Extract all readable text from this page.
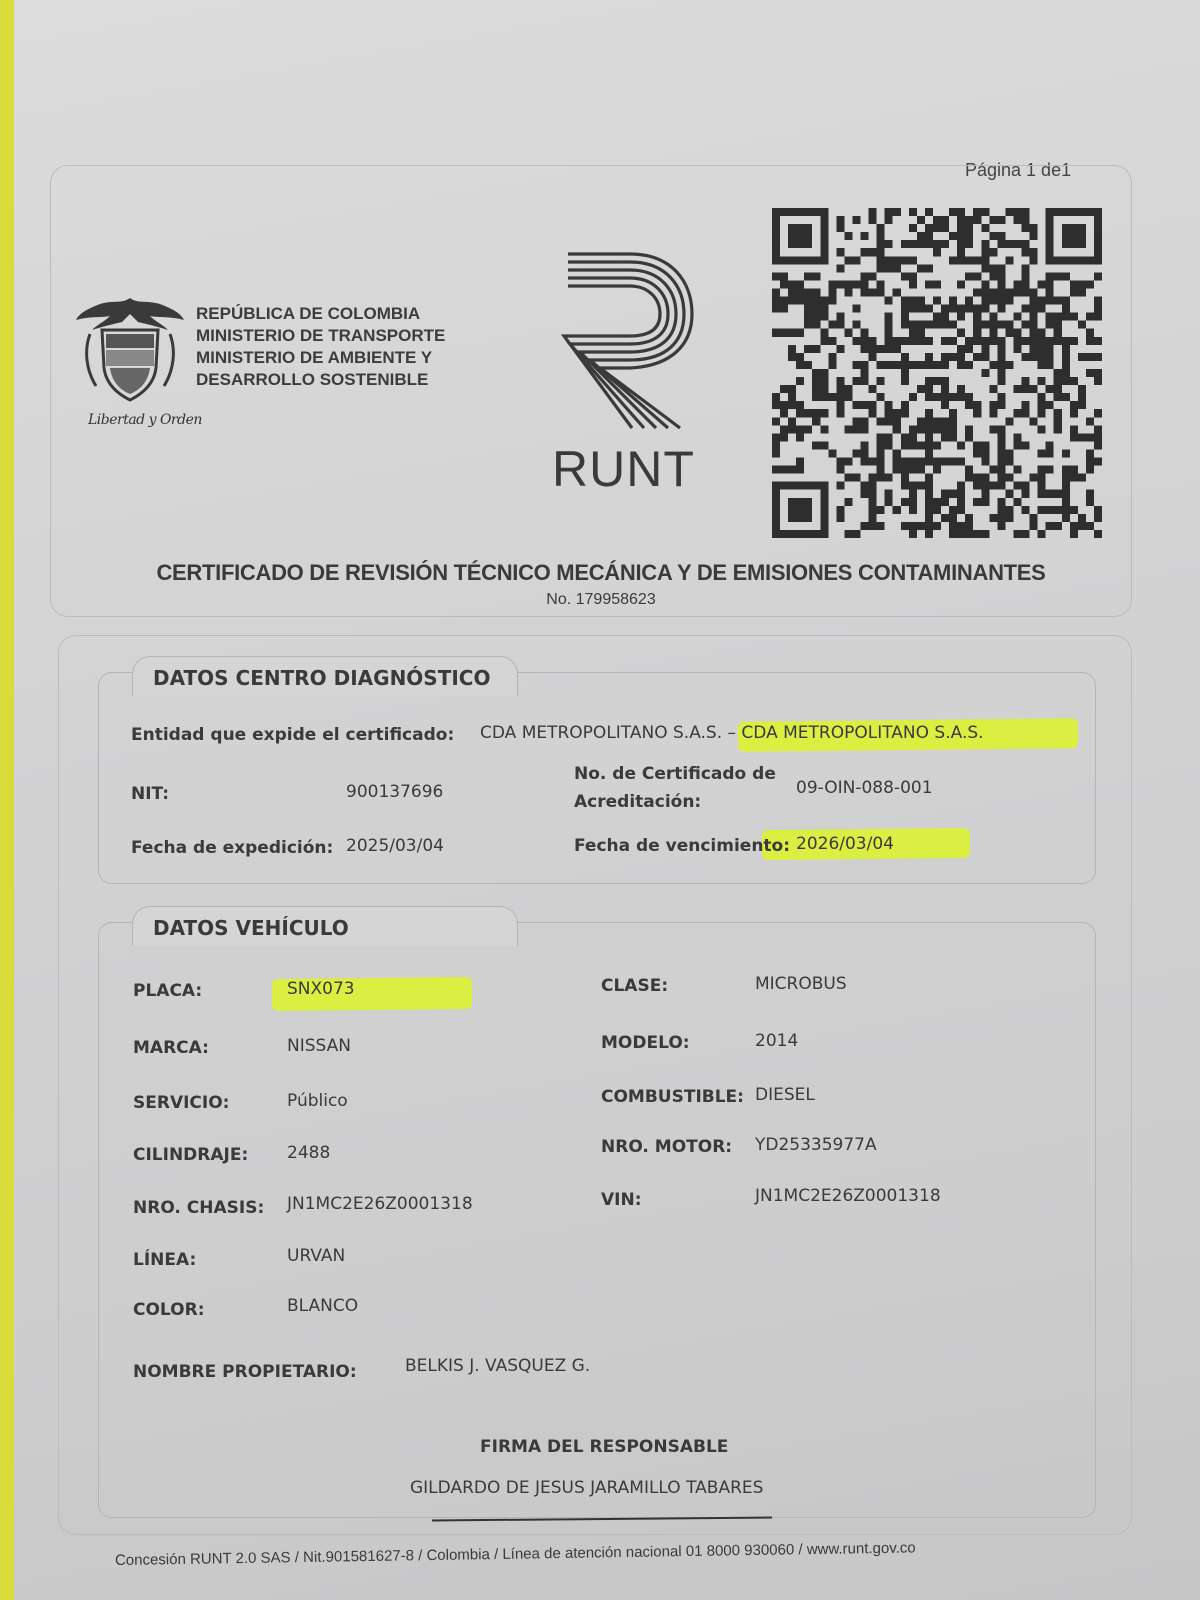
Página 1 de1
Libertad y Orden
REPÚBLICA DE COLOMBIA
MINISTERIO DE TRANSPORTE
MINISTERIO DE AMBIENTE Y
DESARROLLO SOSTENIBLE
RUNT
CERTIFICADO DE REVISIÓN TÉCNICO MECÁNICA Y DE EMISIONES CONTAMINANTES
No. 179958623
DATOS CENTRO DIAGNÓSTICO
Entidad que expide el certificado: CDA METROPOLITANO S.A.S. – CDA METROPOLITANO S.A.S.
NIT:	900137696
No. de Certificado de
Acreditación:
09-OIN-088-001
Fecha de expedición: 2025/03/04	Fecha de vencimiento: 2026/03/04
DATOS VEHÍCULO
PLACA:	SNX073
MARCA:	NISSAN
SERVICIO:	Público
CILINDRAJE: 2488
NRO. CHASIS: JN1MC2E26Z0001318
LÍNEA:	URVAN
COLOR:	BLANCO
CLASE:	MICROBUS
MODELO:	2014
COMBUSTIBLE: DIESEL
NRO. MOTOR: YD25335977A
VIN:	JN1MC2E26Z0001318
NOMBRE PROPIETARIO:	BELKIS J. VASQUEZ G.
FIRMA DEL RESPONSABLE
GILDARDO DE JESUS JARAMILLO TABARES
Concesión RUNT 2.0 SAS / Nit.901581627-8 / Colombia / Línea de atención nacional 01 8000 930060 / www.runt.gov.co
